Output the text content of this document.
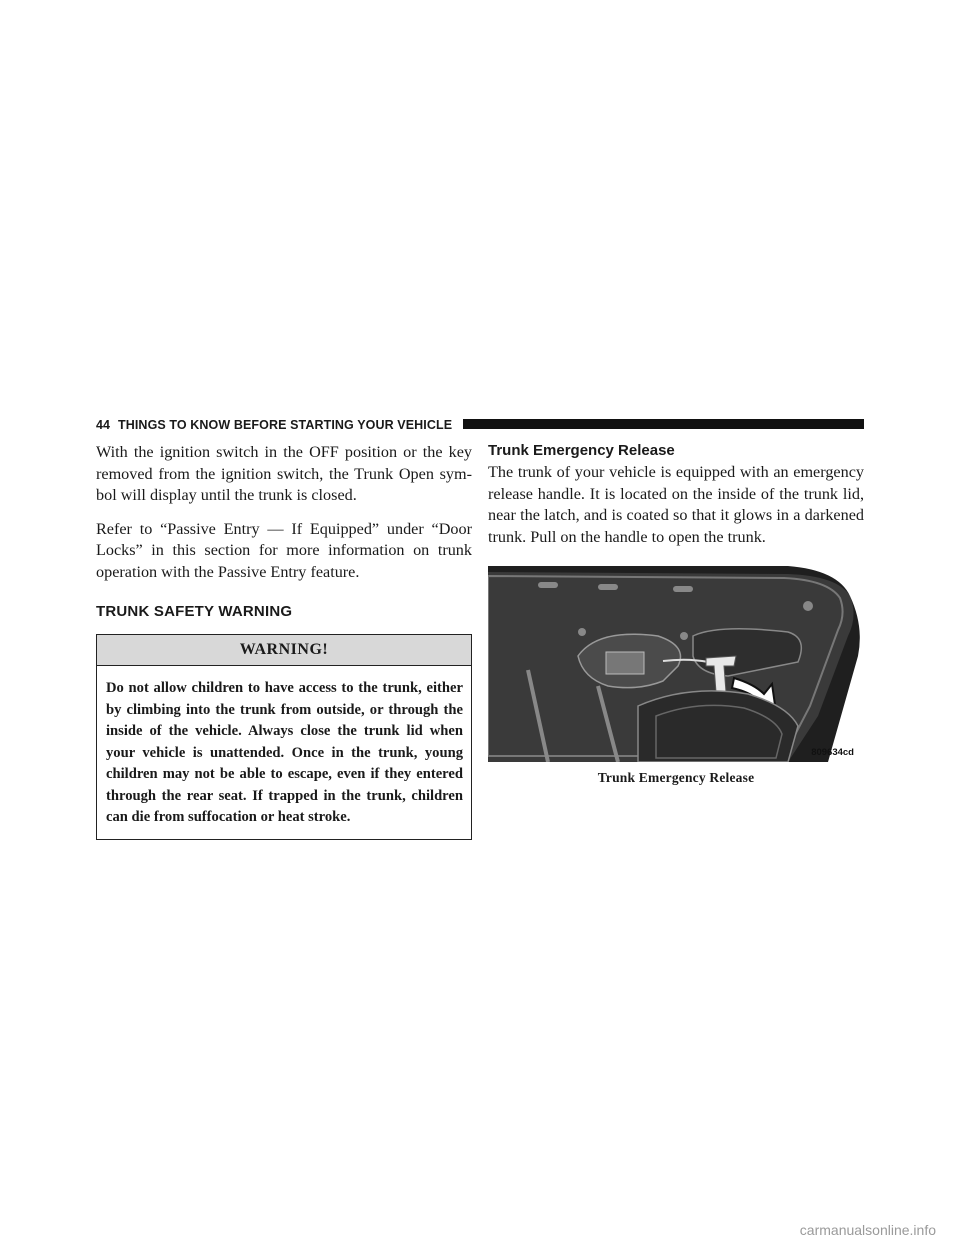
44 THINGS TO KNOW BEFORE STARTING YOUR VEHICLE

With the ignition switch in the OFF position or the key removed from the ignition switch, the Trunk Open sym- bol will display until the trunk is closed.

Refer to “Passive Entry — If Equipped” under “Door Locks” in this section for more information on trunk operation with the Passive Entry feature.

TRUNK SAFETY WARNING
WARNING!
Do not allow children to have access to the trunk, either by climbing into the trunk from outside, or through the inside of the vehicle. Always close the trunk lid when your vehicle is unattended. Once in the trunk, young children may not be able to escape, even if they entered through the rear seat. If trapped in the trunk, children can die from suffocation or heat stroke.
Trunk Emergency Release

The trunk of your vehicle is equipped with an emergency release handle. It is located on the inside of the trunk lid, near the latch, and is coated so that it glows in a darkened trunk. Pull on the handle to open the trunk.

809634cd
Trunk Emergency Release
carmanualsonline.info
